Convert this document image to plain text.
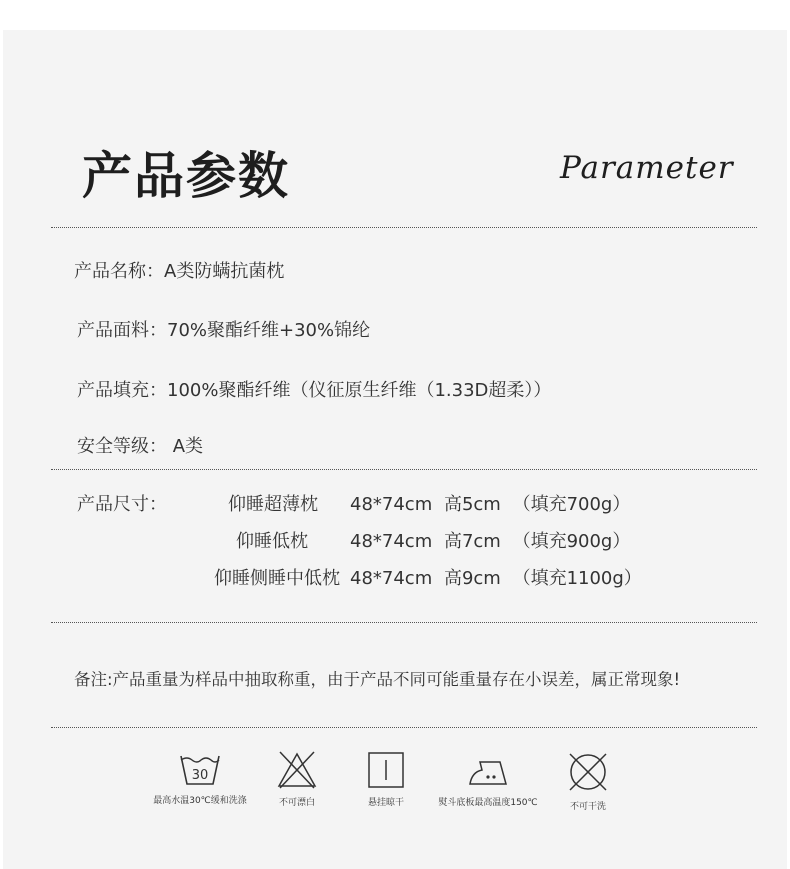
产品参数	Parameter
产品名称：A类防螨抗菌枕
产品面料：70%聚酯纤维+30%锦纶
产品填充：100%聚酯纤维（仪征原生纤维（1.33D超柔））
安全等级： A类
产品尺寸：	仰睡超薄枕 48*74cm 高5cm （填充700g）
仰睡低枕 48*74cm 高7cm （填充900g）
仰睡侧睡中低枕 48*74cm 高9cm （填充1100g）
备注:产品重量为样品中抽取称重，由于产品不同可能重量存在小误差，属正常现象!
30
最高水温30℃缓和洗涤	不可漂白	悬挂晾干	熨斗底板最高温度150℃	不可干洗
